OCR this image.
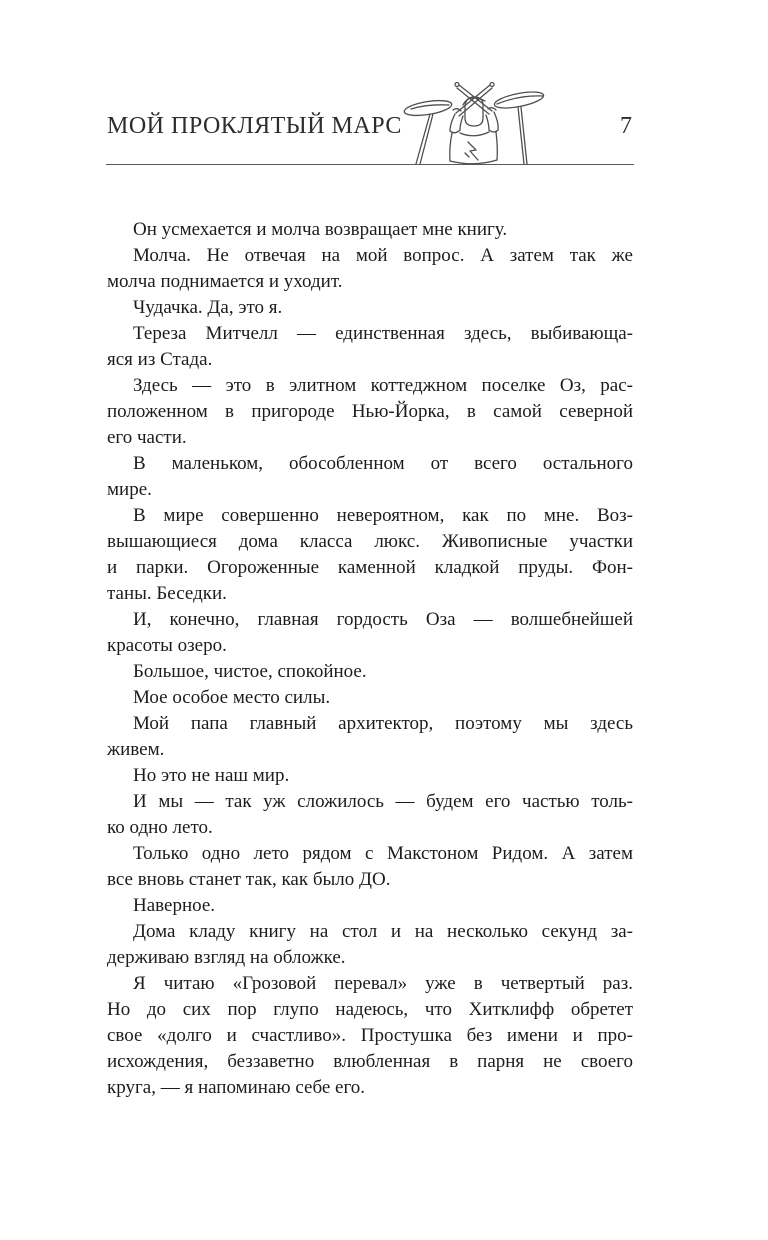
МОЙ ПРОКЛЯТЫЙ МАРС	7
Он усмехается и молча возвращает мне книгу.
Молча. Не отвечая на мой вопрос. А затем так же
молча поднимается и уходит.
Чудачка. Да, это я.
Тереза Митчелл — единственная здесь, выбивающа-
яся из Стада.
Здесь — это в элитном коттеджном поселке Оз, рас-
положенном в пригороде Нью-Йорка, в самой северной
его части.
В маленьком, обособленном от всего остального
мире.
В мире совершенно невероятном, как по мне. Воз-
вышающиеся дома класса люкс. Живописные участки
и парки. Огороженные каменной кладкой пруды. Фон-
таны. Беседки.
И, конечно, главная гордость Оза — волшебнейшей
красоты озеро.
Большое, чистое, спокойное.
Мое особое место силы.
Мой папа главный архитектор, поэтому мы здесь
живем.
Но это не наш мир.
И мы — так уж сложилось — будем его частью толь-
ко одно лето.
Только одно лето рядом с Макстоном Ридом. А затем
все вновь станет так, как было ДО.
Наверное.
Дома кладу книгу на стол и на несколько секунд за-
держиваю взгляд на обложке.
Я читаю «Грозовой перевал» уже в четвертый раз.
Но до сих пор глупо надеюсь, что Хитклифф обретет
свое «долго и счастливо». Простушка без имени и про-
исхождения, беззаветно влюбленная в парня не своего
круга, — я напоминаю себе его.
